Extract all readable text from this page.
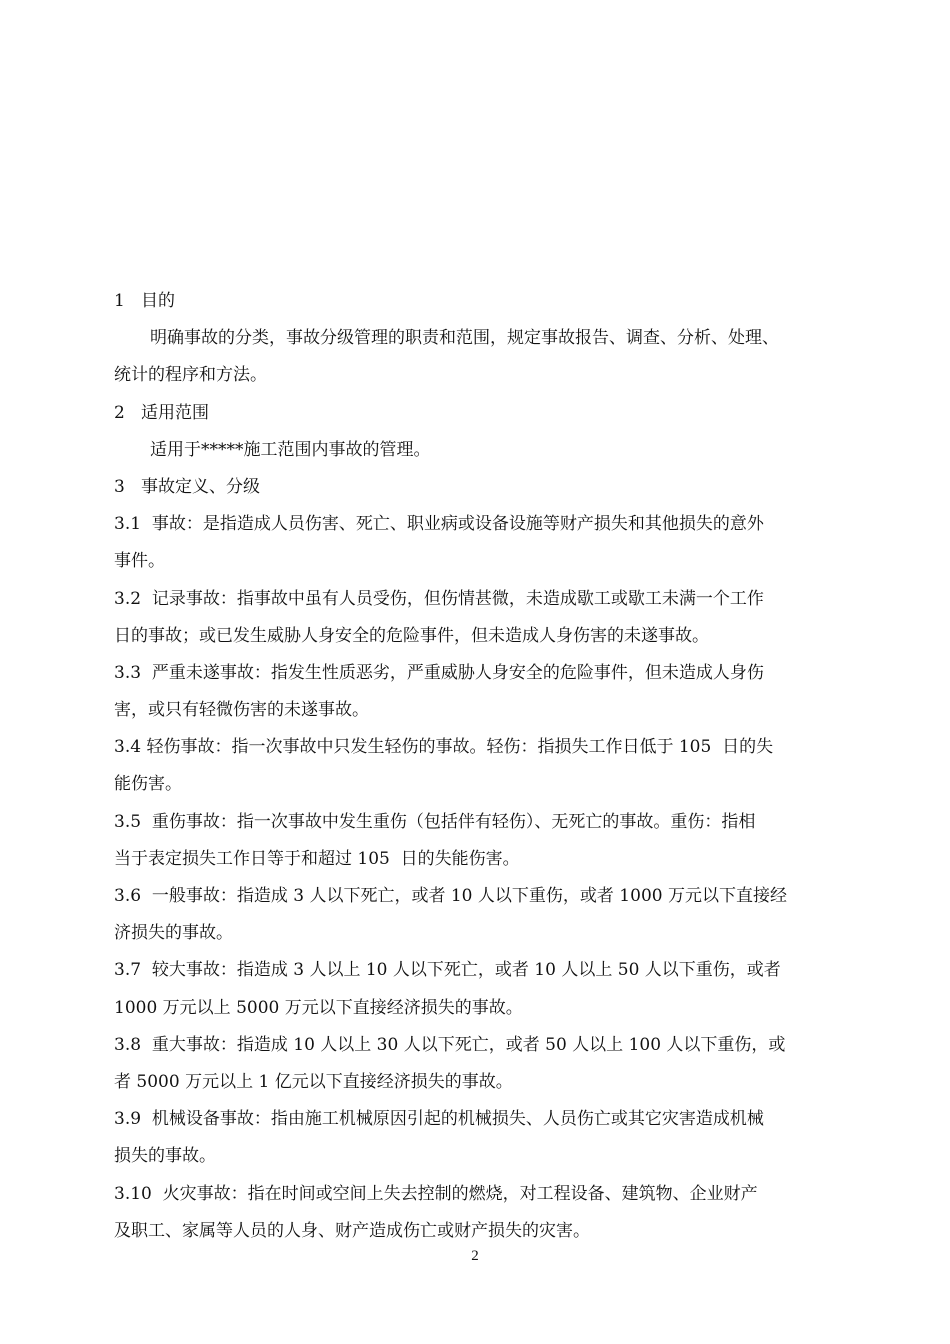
1   目的
明确事故的分类，事故分级管理的职责和范围，规定事故报告、调查、分析、处理、
统计的程序和方法。
2   适用范围
适用于*****施工范围内事故的管理。
3   事故定义、分级
3.1  事故：是指造成人员伤害、死亡、职业病或设备设施等财产损失和其他损失的意外
事件。
3.2  记录事故：指事故中虽有人员受伤，但伤情甚微，未造成歇工或歇工未满一个工作
日的事故；或已发生威胁人身安全的危险事件，但未造成人身伤害的未遂事故。
3.3  严重未遂事故：指发生性质恶劣，严重威胁人身安全的危险事件，但未造成人身伤
害，或只有轻微伤害的未遂事故。
3.4 轻伤事故：指一次事故中只发生轻伤的事故。轻伤：指损失工作日低于 105  日的失
能伤害。
3.5  重伤事故：指一次事故中发生重伤（包括伴有轻伤）、无死亡的事故。重伤：指相
当于表定损失工作日等于和超过 105  日的失能伤害。
3.6  一般事故：指造成 3 人以下死亡，或者 10 人以下重伤，或者 1000 万元以下直接经
济损失的事故。
3.7  较大事故：指造成 3 人以上 10 人以下死亡，或者 10 人以上 50 人以下重伤，或者
1000 万元以上 5000 万元以下直接经济损失的事故。
3.8  重大事故：指造成 10 人以上 30 人以下死亡，或者 50 人以上 100 人以下重伤，或
者 5000 万元以上 1 亿元以下直接经济损失的事故。
3.9  机械设备事故：指由施工机械原因引起的机械损失、人员伤亡或其它灾害造成机械
损失的事故。
3.10  火灾事故：指在时间或空间上失去控制的燃烧，对工程设备、建筑物、企业财产
及职工、家属等人员的人身、财产造成伤亡或财产损失的灾害。
2
